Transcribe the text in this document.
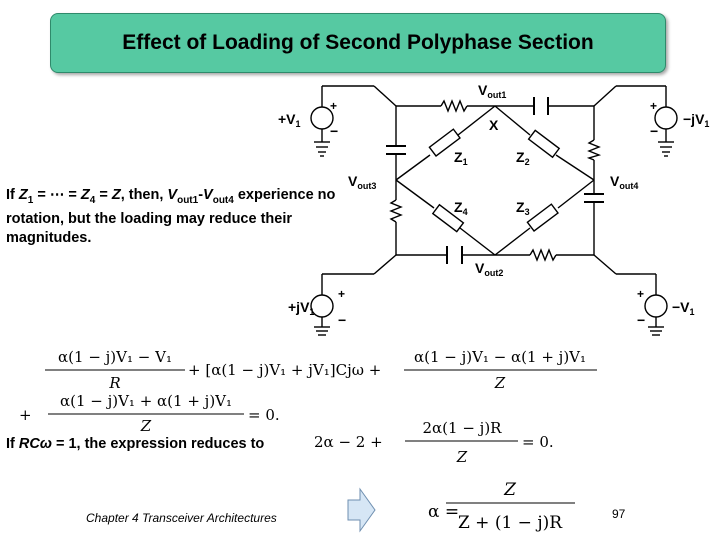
Effect of Loading of Second Polyphase Section
+
−
$+V_1$
+
−
$-jV_1$
+
−
$+jV_1$
+
−
$-V_1$
$V_{out1}$
$V_{out2}$
$V_{out3}$	$V_{out4}$
X
$Z_1$	$Z_2$
$Z_3$
$Z_4$
If $Z_1$ = ⋯ = $Z_4 = Z$, then, $V_{out1}-V_{out4}$ experience no rotation, but the loading may reduce their magnitudes.
α(1 − j)V₁ − V₁
R
+ [α(1 − j)V₁ + jV₁]Cjω +
α(1 − j)V₁ − α(1 + j)V₁
Z
+
α(1 − j)V₁ + α(1 + j)V₁
Z
= 0.
2α − 2 +
2α(1 − j)R
Z
= 0.
α =
Z
Z + (1 − j)R
If RCω = 1, the expression reduces to
Chapter 4 Transceiver Architectures	97
